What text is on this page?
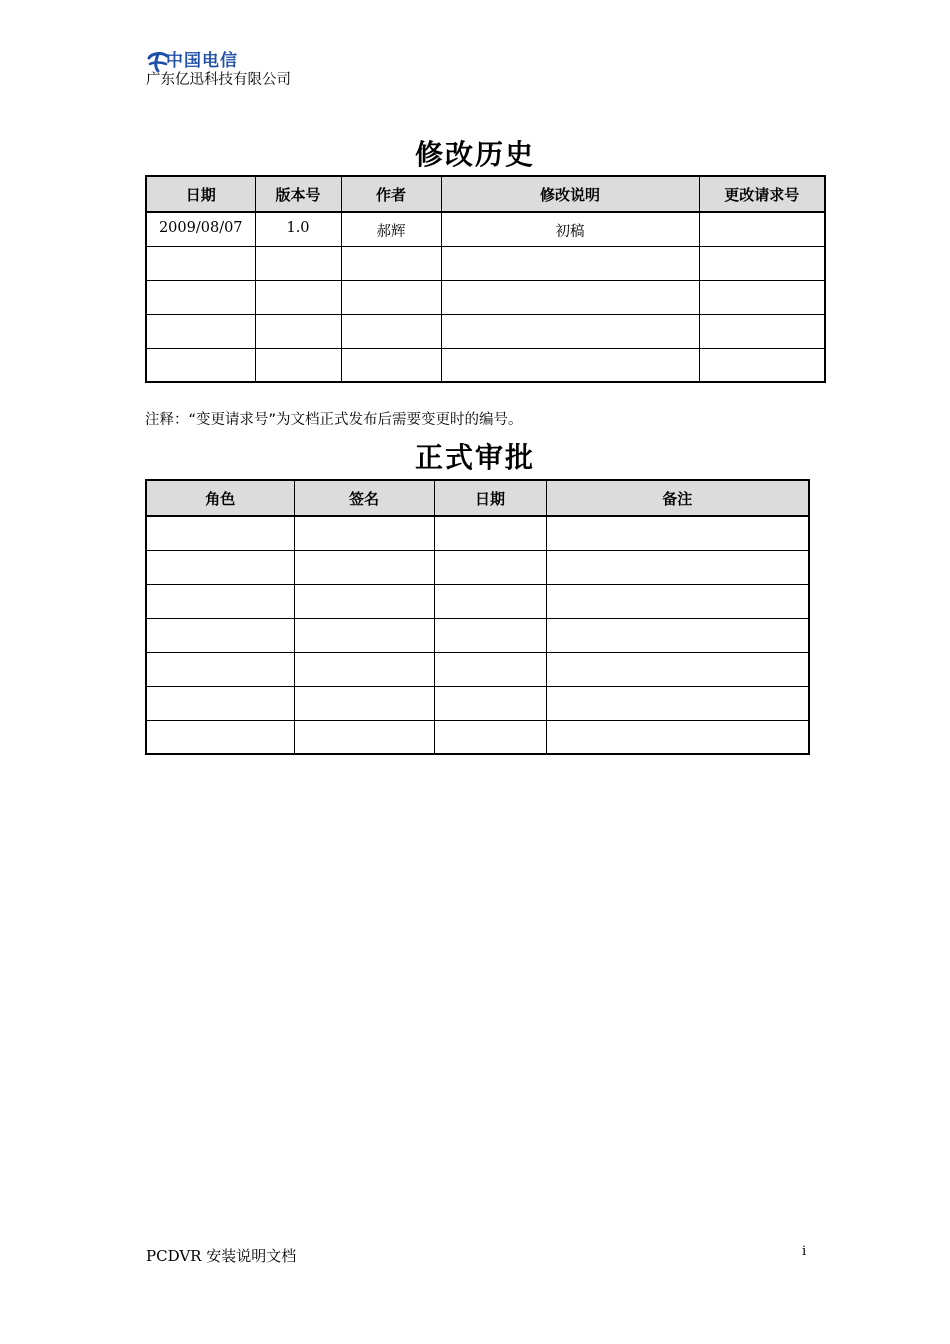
中国电信
广东亿迅科技有限公司
修改历史
日期	版本号	作者	修改说明	更改请求号
2009/08/07	1.0	郝辉	初稿	

注释：“变更请求号”为文档正式发布后需要变更时的编号。
正式审批
角色	签名	日期	备注

PCDVR 安装说明文档	i
